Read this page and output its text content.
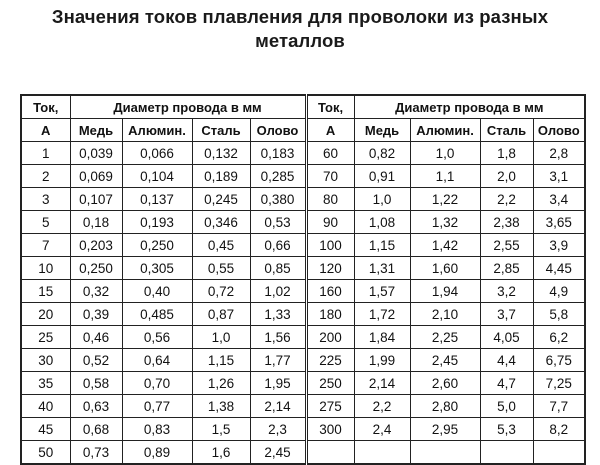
Значения токов плавления для проволоки из разных
металлов
Ток,	Диаметр провода в мм				Ток,	Диаметр провода в мм			
А	Медь	Алюмин.	Сталь	Олово	А	Медь	Алюмин.	Сталь	Олово
1	0,039	0,066	0,132	0,183	60	0,82	1,0	1,8	2,8
2	0,069	0,104	0,189	0,285	70	0,91	1,1	2,0	3,1
3	0,107	0,137	0,245	0,380	80	1,0	1,22	2,2	3,4
5	0,18	0,193	0,346	0,53	90	1,08	1,32	2,38	3,65
7	0,203	0,250	0,45	0,66	100	1,15	1,42	2,55	3,9
10	0,250	0,305	0,55	0,85	120	1,31	1,60	2,85	4,45
15	0,32	0,40	0,72	1,02	160	1,57	1,94	3,2	4,9
20	0,39	0,485	0,87	1,33	180	1,72	2,10	3,7	5,8
25	0,46	0,56	1,0	1,56	200	1,84	2,25	4,05	6,2
30	0,52	0,64	1,15	1,77	225	1,99	2,45	4,4	6,75
35	0,58	0,70	1,26	1,95	250	2,14	2,60	4,7	7,25
40	0,63	0,77	1,38	2,14	275	2,2	2,80	5,0	7,7
45	0,68	0,83	1,5	2,3	300	2,4	2,95	5,3	8,2
50	0,73	0,89	1,6	2,45					
